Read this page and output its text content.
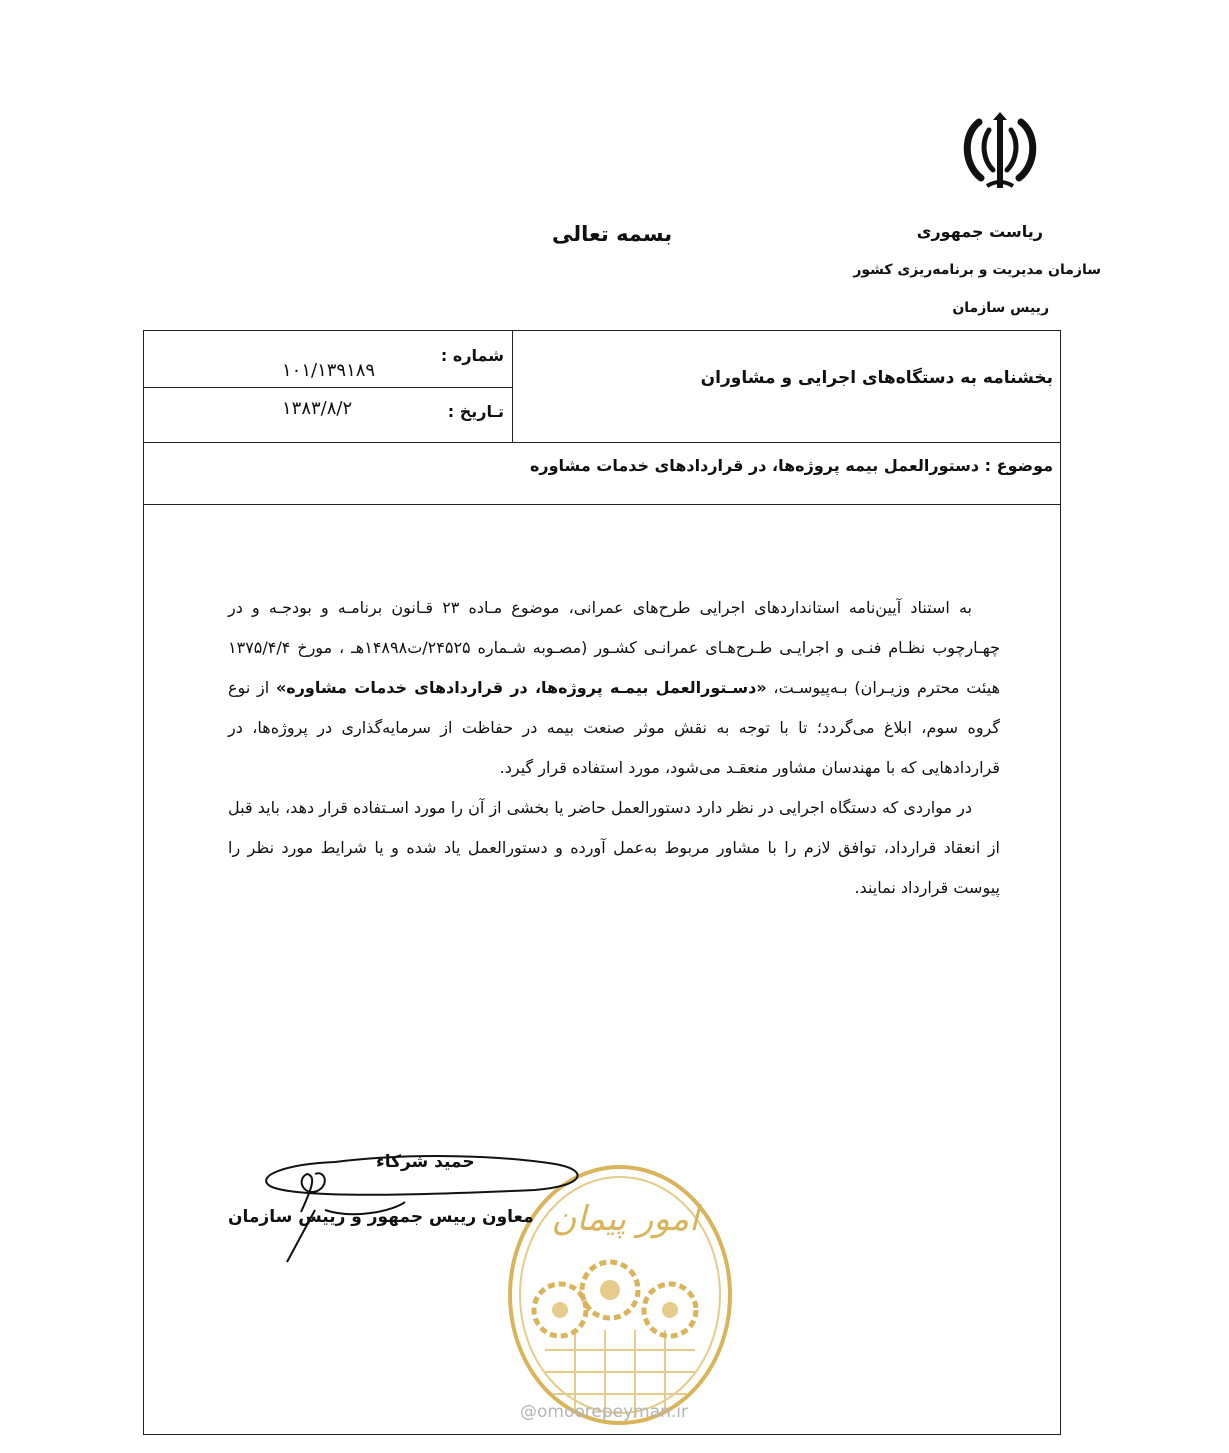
ریاست جمهوری
سازمان مدیریت و برنامه‌ریزی کشور
رییس سازمان
بسمه تعالی
بخشنامه به دستگاه‌های اجرایی و مشاوران
شماره :
۱۰۱/۱۳۹۱۸۹
تـاریخ :
۱۳۸۳/۸/۲
موضوع : دستورالعمل بیمه پروژه‌ها، در قراردادهای خدمات مشاوره

به استناد آیین‌نامه استانداردهای اجرایی طرح‌های عمرانی، موضوع مـاده ۲۳ قـانون برنامـه و بودجـه و در چهـارچوب نظـام فنـی و اجرایـی طـرح‌هـای عمرانـی کشـور (مصـوبه شـماره ۲۴۵۲۵/ت۱۴۸۹۸هـ ، مورخ ۱۳۷۵/۴/۴ هیئت محترم وزیـران) بـه‌پیوسـت، «دسـتورالعمل بیمـه پروژه‌ها، در قراردادهای خدمات مشاوره» از نوع گروه سوم، ابلاغ می‌گردد؛ تا با توجه به نقش موثر صنعت بیمه در حفاظت از سرمایه‌گذاری در پروژه‌ها، در قراردادهایی که با مهندسان مشاور منعقـد می‌شود، مورد استفاده قرار گیرد.

در مواردی که دستگاه اجرایی در نظر دارد دستورالعمل حاضر یا بخشی از آن را مورد اسـتفاده قرار دهد، باید قبل از انعقاد قرارداد، توافق لازم را با مشاور مربوط به‌عمل آورده و دستورالعمل یاد شده و یا شرایط مورد نظر را پیوست قرارداد نمایند.

امور پیمان
حمید شرکاء
معاون رییس جمهور و رییس سازمان
@omoorepeyman.ir
